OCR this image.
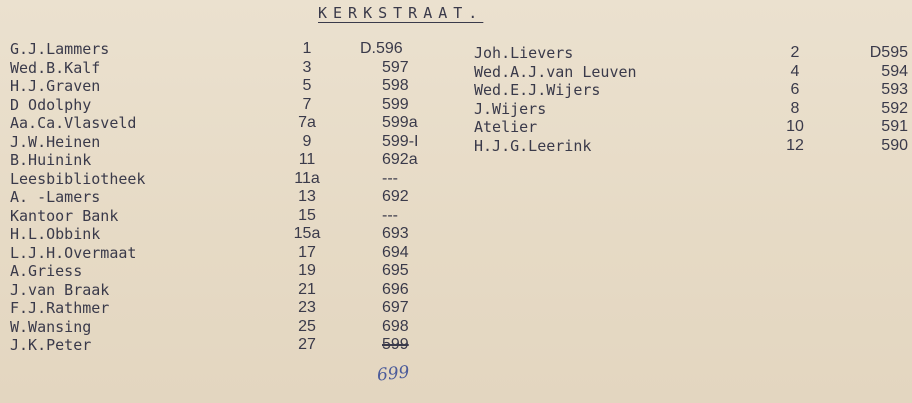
KERKSTRAAT.
G.J.Lammers
Wed.B.Kalf
H.J.Graven
D Odolphy
Aa.Ca.Vlasveld
J.W.Heinen
B.Huinink
Leesbibliotheek
A. -Lamers
Kantoor Bank
H.L.Obbink
L.J.H.Overmaat
A.Griess
J.van Braak
F.J.Rathmer
W.Wansing
J.K.Peter
1
3
5
7
7a
9
11
11a
13
15
15a
17
19
21
23
25
27
D.596
597
598
599
599a
599-I
692a
---
692
---
693
694
695
696
697
698
599
Joh.Lievers
Wed.A.J.van Leuven
Wed.E.J.Wijers
J.Wijers
Atelier
H.J.G.Leerink
2
4
6
8
10
12
D595
594
593
592
591
590
699
